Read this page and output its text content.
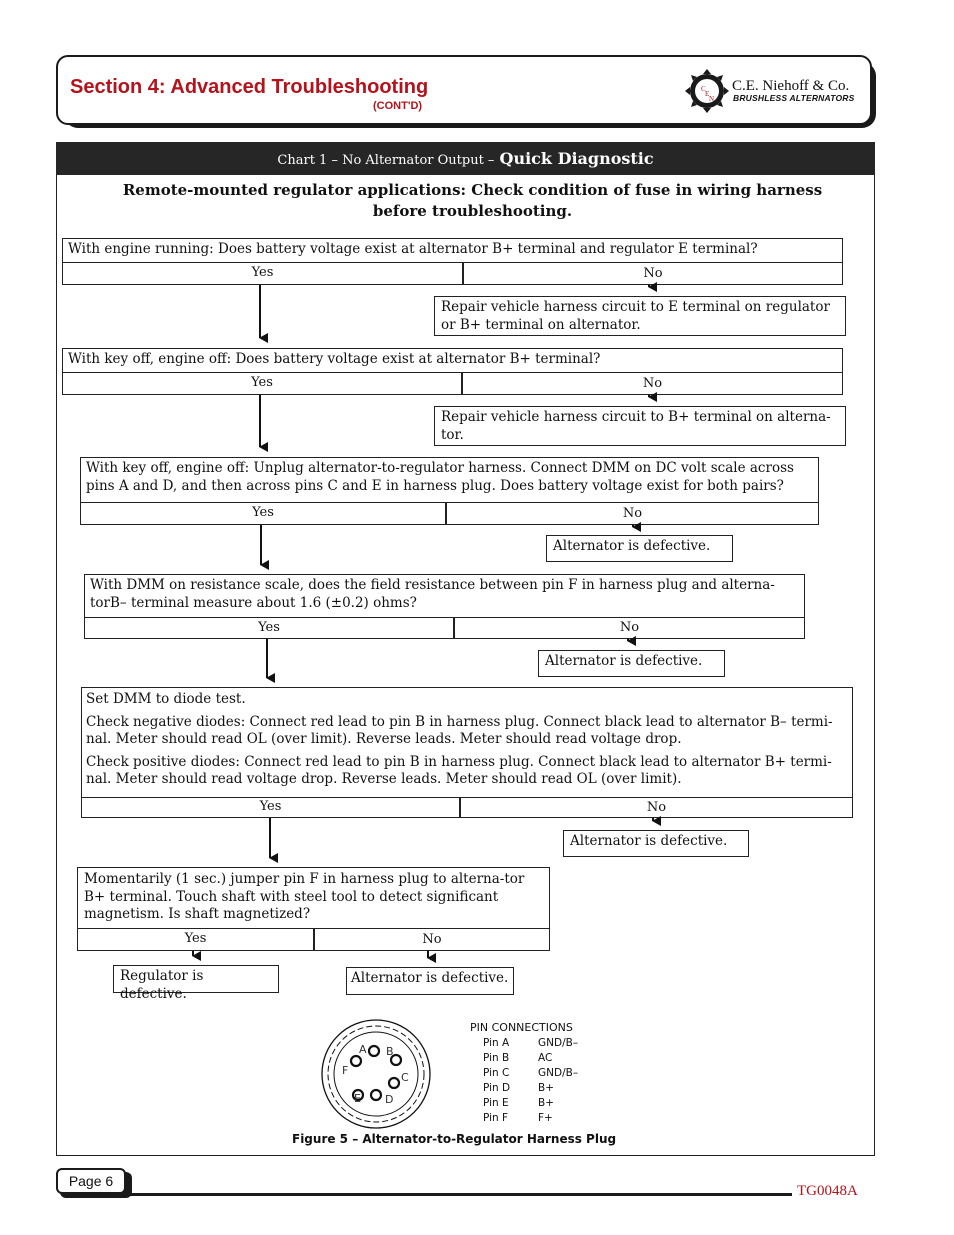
Section 4: Advanced Troubleshooting
(CONT'D)
C
E
N
C.E. Niehoff & Co.
BRUSHLESS ALTERNATORS
Chart 1 – No Alternator Output – Quick Diagnostic
Remote-mounted regulator applications: Check condition of fuse in wiring harness before troubleshooting.
With engine running: Does battery voltage exist at alternator B+ terminal and regulator E terminal?
Yes	No
Repair vehicle harness circuit to E terminal on regulator or B+ terminal on alternator.
With key off, engine off: Does battery voltage exist at alternator B+ terminal?
Yes	No
Repair vehicle harness circuit to B+ terminal on alterna-tor.
With key off, engine off: Unplug alternator-to-regulator harness. Connect DMM on DC volt scale across pins A and D, and then across pins C and E in harness plug. Does battery voltage exist for both pairs?
Yes	No
Alternator is defective.
With DMM on resistance scale, does the field resistance between pin F in harness plug and alterna-torB– terminal measure about 1.6 (±0.2) ohms?
Yes	No
Alternator is defective.
Set DMM to diode test.
Check negative diodes: Connect red lead to pin B in harness plug. Connect black lead to alternator B– termi-nal. Meter should read OL (over limit). Reverse leads. Meter should read voltage drop.
Check positive diodes: Connect red lead to pin B in harness plug. Connect black lead to alternator B+ termi-nal. Meter should read voltage drop. Reverse leads. Meter should read OL (over limit).
Yes	No
Alternator is defective.
Momentarily (1 sec.) jumper pin F in harness plug to alterna-tor B+ terminal. Touch shaft with steel tool to detect significant magnetism. Is shaft magnetized?
Yes	No
Regulator is defective.
Alternator is defective.
A B
C
D
E
F
PIN CONNECTIONS
Pin A	GND/B–
Pin B	AC
Pin C	GND/B–
Pin D	B+
Pin E	B+
Pin F	F+
Figure 5 – Alternator-to-Regulator Harness Plug
Page 6
TG0048A
